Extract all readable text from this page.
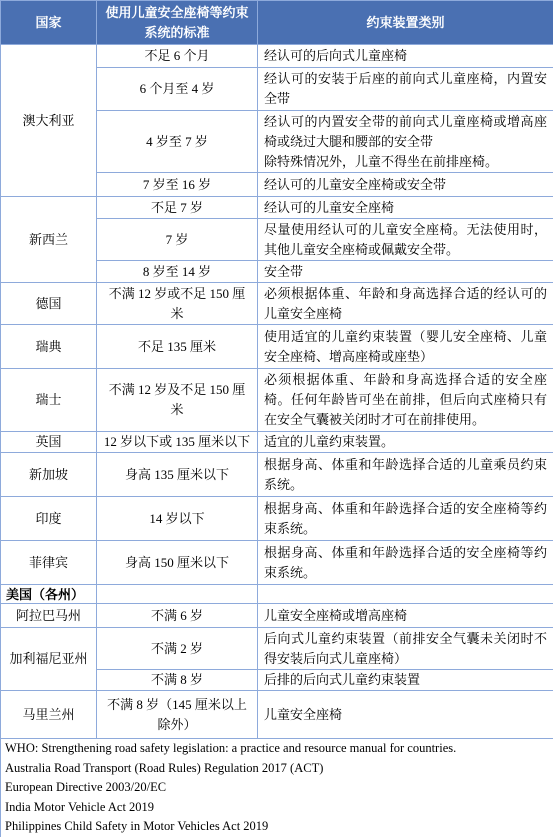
国家	使用儿童安全座椅等约束系统的标准	约束装置类别
澳大利亚	不足 6 个月	经认可的后向式儿童座椅
	6 个月至 4 岁	经认可的安装于后座的前向式儿童座椅，内置安全带
	4 岁至 7 岁	经认可的内置安全带的前向式儿童座椅或增高座椅或绕过大腿和腰部的安全带
除特殊情况外，儿童不得坐在前排座椅。

	7 岁至 16 岁	经认可的儿童安全座椅或安全带
新西兰	不足 7 岁	经认可的儿童安全座椅
	7 岁	尽量使用经认可的儿童安全座椅。无法使用时，其他儿童安全座椅或佩戴安全带。
	8 岁至 14 岁	安全带
德国	不满 12 岁或不足 150 厘米	必须根据体重、年龄和身高选择合适的经认可的儿童安全座椅
瑞典	不足 135 厘米	使用适宜的儿童约束装置（婴儿安全座椅、儿童安全座椅、增高座椅或座垫）
瑞士	不满 12 岁及不足 150 厘米	必须根据体重、年龄和身高选择合适的安全座椅。任何年龄皆可坐在前排，但后向式座椅只有在安全气囊被关闭时才可在前排使用。
英国	12 岁以下或 135 厘米以下	适宜的儿童约束装置。
新加坡	身高 135 厘米以下	根据身高、体重和年龄选择合适的儿童乘员约束系统。
印度	14 岁以下	根据身高、体重和年龄选择合适的安全座椅等约束系统。
菲律宾	身高 150 厘米以下	根据身高、体重和年龄选择合适的安全座椅等约束系统。
美国（各州）		
阿拉巴马州	不满 6 岁	儿童安全座椅或增高座椅
加利福尼亚州	不满 2 岁	后向式儿童约束装置（前排安全气囊未关闭时不得安装后向式儿童座椅）
	不满 8 岁	后排的后向式儿童约束装置
马里兰州	不满 8 岁（145 厘米以上除外）	儿童安全座椅

WHO: Strengthening road safety legislation: a practice and resource manual for countries.
Australia Road Transport (Road Rules) Regulation 2017 (ACT)
European Directive 2003/20/EC
India Motor Vehicle Act 2019
Philippines Child Safety in Motor Vehicles Act 2019		
